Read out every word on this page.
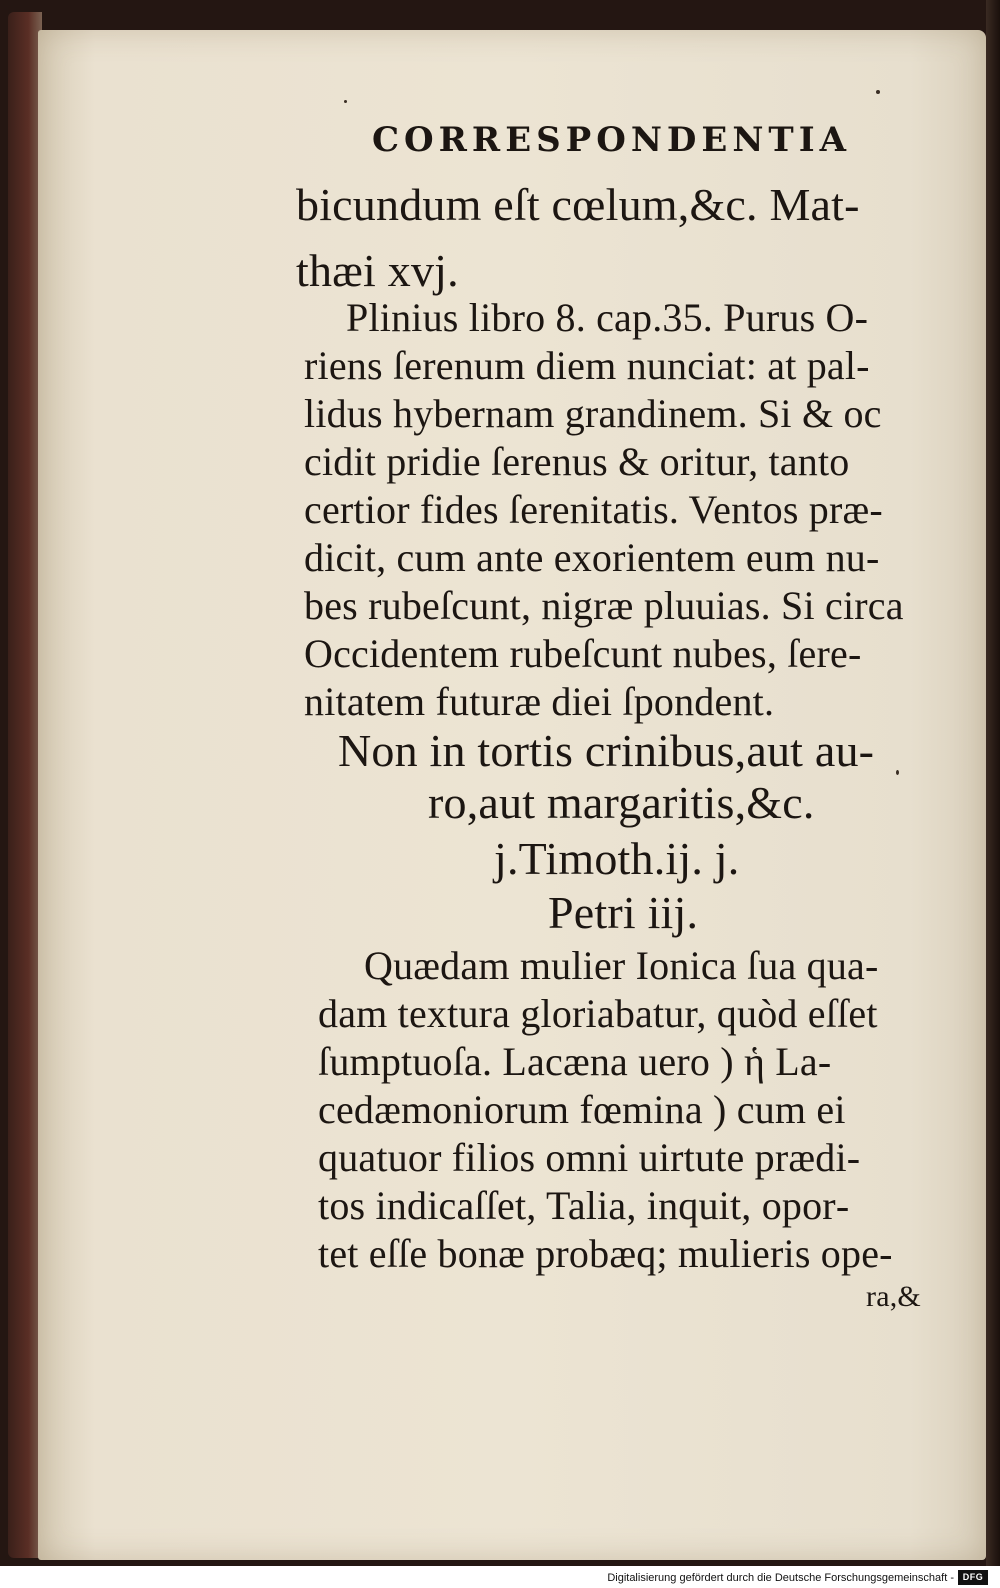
CORRESPONDENTIA
bicundum eſt cœlum,&c. Mat‑
thæi xvj.
Plinius libro 8. cap.35. Purus O‑
riens ſerenum diem nunciat: at pal‑
lidus hybernam grandinem. Si & oc
cidit pridie ſerenus & oritur, tanto
certior fides ſerenitatis. Ventos præ‑
dicit, cum ante exorientem eum nu‑
bes rubeſcunt, nigræ pluuias. Si circa
Occidentem rubeſcunt nubes, ſere‑
nitatem futuræ diei ſpondent.
Non in tortis crinibus,aut au‑
ro,aut margaritis,&c.
j.Timoth.ij. j.
Petri iij.
Quædam mulier Ionica ſua qua‑
dam textura gloriabatur, quòd eſſet
ſumptuoſa. Lacæna uero ) ἡ La‑
cedæmoniorum fœmina ) cum ei
quatuor filios omni uirtute prædi‑
tos indicaſſet, Talia, inquit, opor‑
tet eſſe bonæ probæq; mulieris ope‑
ra,&
Digitalisierung gefördert durch die Deutsche Forschungsgemeinschaft - DFG
